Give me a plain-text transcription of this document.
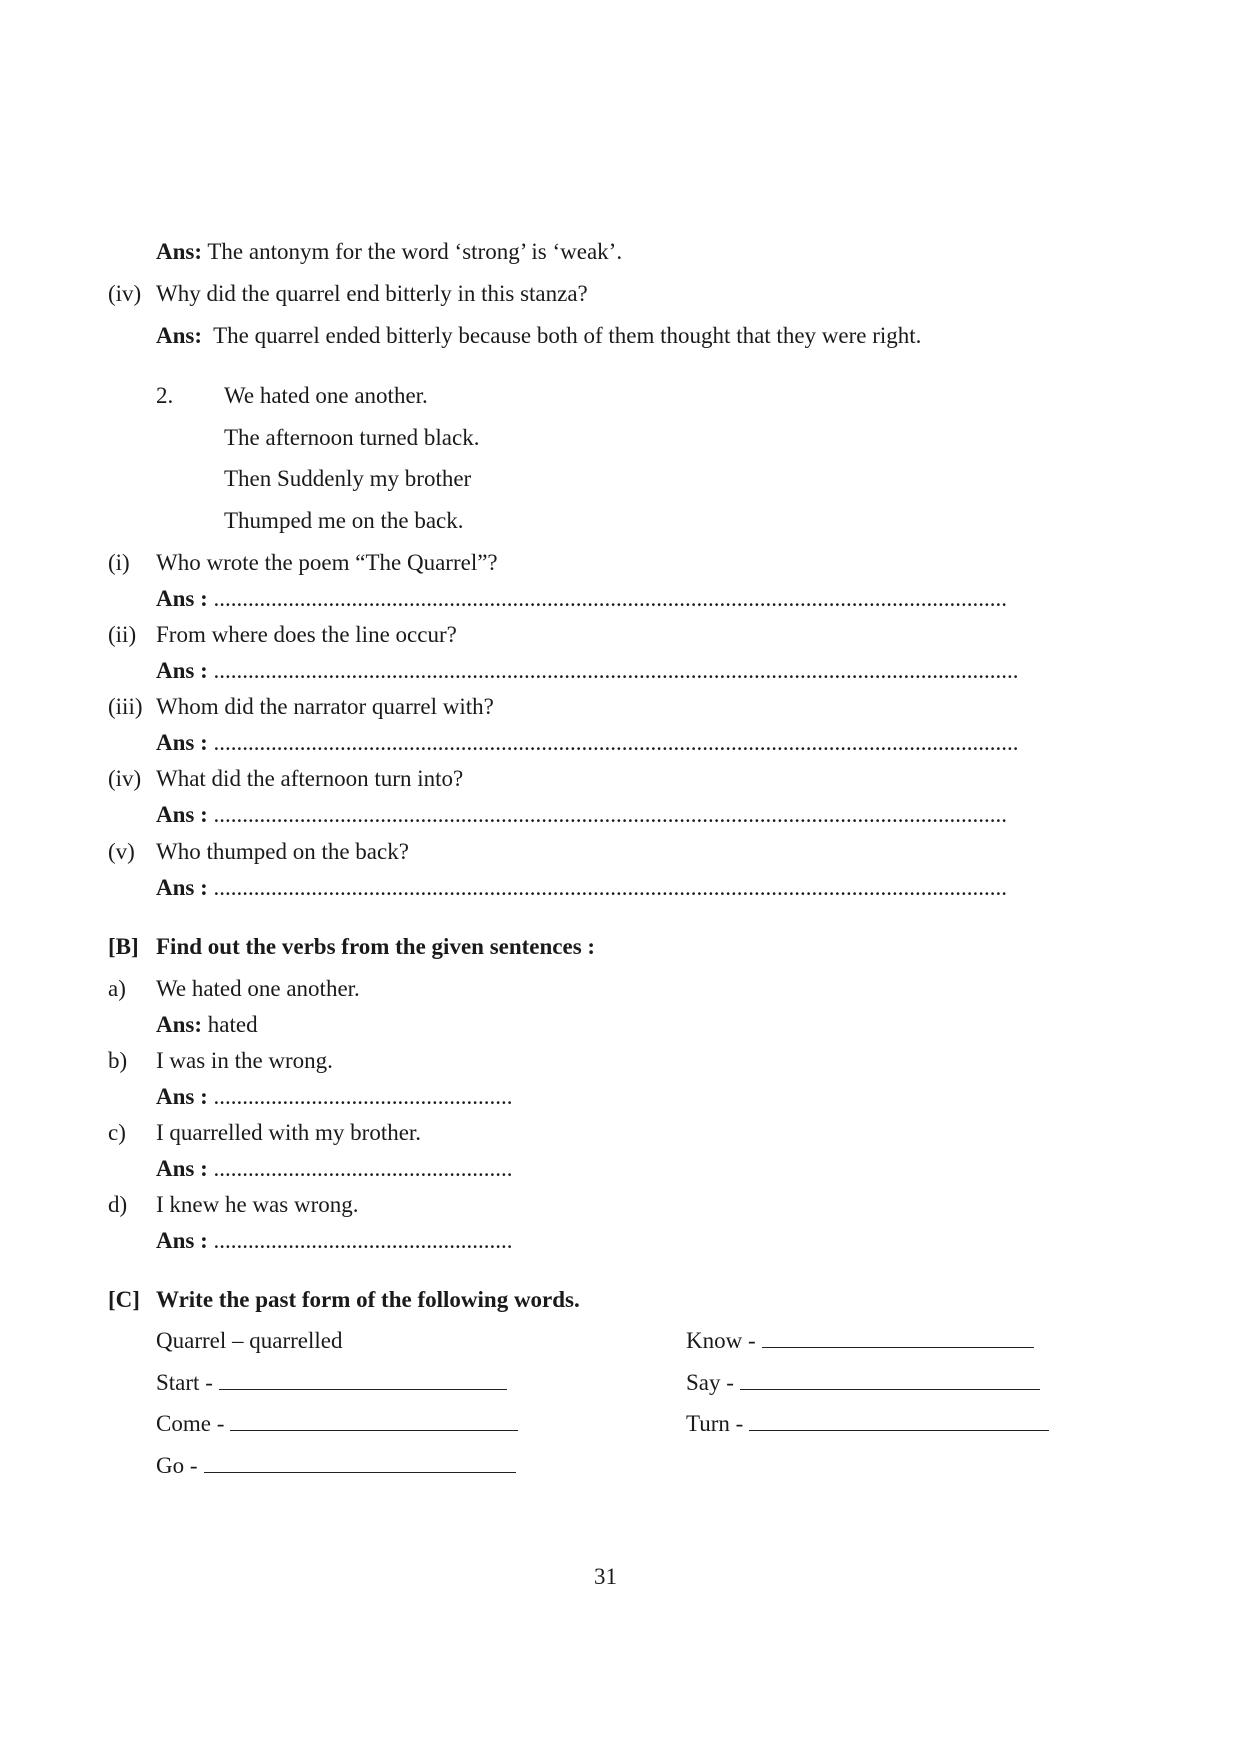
Ans: The antonym for the word ‘strong’ is ‘weak’.
(iv) Why did the quarrel end bitterly in this stanza?
Ans: The quarrel ended bitterly because both of them thought that they were right.
2. We hated one another.
The afternoon turned black.
Then Suddenly my brother
Thumped me on the back.
(i) Who wrote the poem “The Quarrel”?
Ans : ..........................................................................................................................................
(ii) From where does the line occur?
Ans : ............................................................................................................................................
(iii) Whom did the narrator quarrel with?
Ans : ............................................................................................................................................
(iv) What did the afternoon turn into?
Ans : ..........................................................................................................................................
(v) Who thumped on the back?
Ans : ..........................................................................................................................................
[B] Find out the verbs from the given sentences :
a) We hated one another.
Ans: hated
b) I was in the wrong.
Ans : ....................................................
c) I quarrelled with my brother.
Ans : ....................................................
d) I knew he was wrong.
Ans : ....................................................
[C] Write the past form of the following words.
Quarrel – quarrelled
Start -
Come -
Go -
Know -
Say -
Turn -
31
